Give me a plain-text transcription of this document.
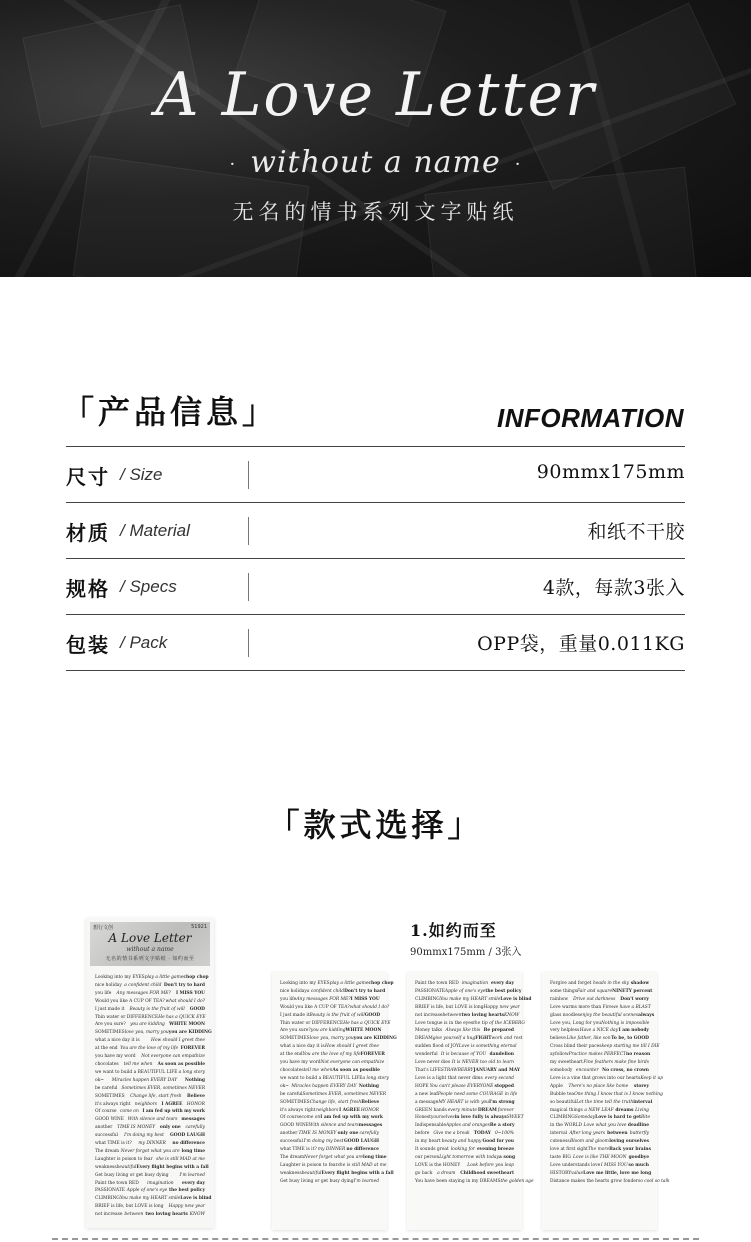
A Love Letter
· without a name ·
无名的情书系列文字贴纸
「产品信息」	INFORMATION
尺寸 / Size	90mmx175mm
材质 / Material	和纸不干胶
规格 / Specs	4款，每款3张入
包装 / Pack	OPP袋，重量0.011KG
「款式选择」
想行文创	51921
A Love Letter
without a name
无名的情书系列文字贴纸 · 如约而至
Looking into my EYES play a little game chop chop
nice holiday a confident child Don't try to hard
you life Any messages FOR ME? I MISS YOU
Would you like A CUP OF TEA? what should I do?
I just made it Beauty is the fruit of will GOOD
Thin water or DIFFERENCE He has a QUICK EYE
Are you sure? you are kidding WHITE MOON
SOMETIMES love you, marry you you are KIDDING
what a nice day it is	How should I greet thee
at the end You are the love of my life FOREVER
you have my word Not everyone can empathize
chocolates tell me when As soon as possible
we want to build a BEAUTIFUL LIFE a long story
ok~ Miracles happen EVERY DAY Nothing
be careful Sometimes EVER, sometimes NEVER
SOMETIMES Change life, start fresh Believe
it's always right neighbors I AGREE HONOR
Of course come on I am fed up with my work
GOOD WINE With silence and tears messages
another TIME IS MONEY only one carefully
successful I'm doing my best GOOD LAUGH
what TIME is it? my DINNER no difference
The dream Never forget what you are long time
Laughter is poison to fear she is still MAD at me
weakness beautiful Every flight begins with a fall
Get busy living or get busy dying I'm learned
Paint the town RED imagination every day
PASSIONATE Apple of one's eye the best policy
CLIMBING You make my HEART smile Love is blind
BRIEF is life, but LOVE is long Happy new year
not increase between two loving hearts KNOW
1.如约而至
90mmx175mm / 3张入
Looking into my EYES play a little game chop chop
nice holiday a confident child Don't try to hard
you life Any messages FOR ME? I MISS YOU
Would you like A CUP OF TEA? what should I do?
I just made it Beauty is the fruit of will GOOD
Thin water or DIFFERENCE He has a QUICK EYE
Are you sure? you are kidding WHITE MOON
SOMETIMES love you, marry you you are KIDDING
what a nice day it is How should I greet thee
at the end You are the love of my life FOREVER
you have my word Not everyone can empathize
chocolates tell me when As soon as possible
we want to build a BEAUTIFUL LIFE a long story
ok~ Miracles happen EVERY DAY Nothing
be careful Sometimes EVER, sometimes NEVER
SOMETIMES Change life, start fresh Believe
it's always right neighbors I AGREE HONOR
Of course come on I am fed up with my work
GOOD WINE With silence and tears messages
another TIME IS MONEY only one carefully
successful I'm doing my best GOOD LAUGH
what TIME is it? my DINNER no difference
The dream Never forget what you are long time
Laughter is poison to fear she is still MAD at me
weakness beautiful Every flight begins with a fall
Get busy living or get busy dying I'm learned
Paint the town RED imagination every day
PASSIONATE Apple of one's eye the best policy
CLIMBING You make my HEART smile Love is blind
BRIEF is life, but LOVE is long Happy new year
not increase between two loving hearts KNOW
Love tongue is in the eyes the tip of the ICEBERG
Money talks Always like this Be prepared
DREAM give yourself a hug FIGHT work and rest
sudden flood of JOY Love is something eternal
wonderful It is because of YOU dandelion
Love never dies It is NEVER too old to learn
That's LIFE STRAWBERRY JANUARY and MAY
Love is a light that never dims every second
HOPE You can't please EVERYONE stopped
a new leaf People need some COURAGE in life
a message MY HEART is with you I'm strong
GREEN hands every minute DREAM forever
Honesty ourselves in love fully is always SWEET
Indispensable Apples and oranges Be a story
before Give me a break TODAY 0~100%
in my heart beauty and happy Good for you
It sounds great looking for evening breeze
our person Light tomorrow with today a song
LOVE is the HONEY Look before you leap
go back a dream Childhood sweetheart
You have been staying in my DREAMS the golden age
Forgive and forget heads in the sky shadow
some things Fair and square NINETY percent
rainbow Drive out darkness Don't worry
Love warms more than Fire we have a BLAST
glass noodles enjoy the beautiful scenes always
Love you, Long for you Nothing is impossible
very helpless Have a NICE day I am nobody
believe Like father, like son To be, to GOOD
Cross blind their paces keep starting me till I DIE
ayfollow Practice makes PERFECT no reason
my sweetheart Fine feathers make fine birds
somebody encounter No cross, no crown
Love is a vine that grows into our hearts Keep it up
Apple There's no place like home storey
Bubble tea One thing I know that is I know nothing
so beautiful Let the time tell the truth interval
magical things a NEW LEAF dreams Living
CLIMBING Someday Love is hard to get Bite
in the WORLD Love what you love deadline
interval After long years between butterfly
cuteness Bloom and gloom loving ourselves
love at first sight The more Back your brains
taste BIG Love is like THE MOON goodbye
Love understands love I MISS YOU so much
HISTORY value Love me little, love me long
Distance makes the hearts grow fonder so cool so talk
